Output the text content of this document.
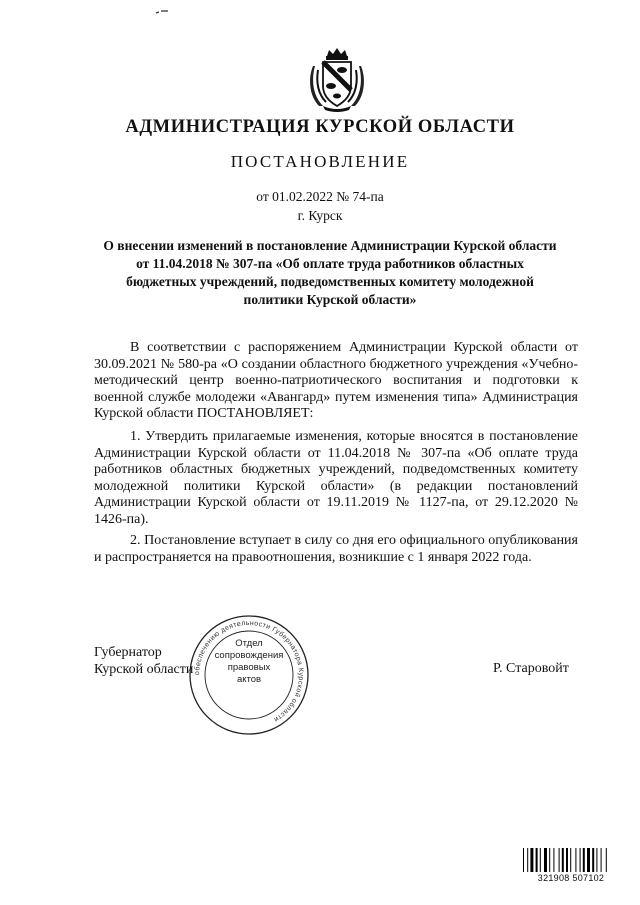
АДМИНИСТРАЦИЯ КУРСКОЙ ОБЛАСТИ
ПОСТАНОВЛЕНИЕ
от 01.02.2022 № 74-па
г. Курск
О внесении изменений в постановление Администрации Курской области от 11.04.2018 № 307-па «Об оплате труда работников областных бюджетных учреждений, подведомственных комитету молодежной политики Курской области»

В соответствии с распоряжением Администрации Курской области от 30.09.2021 № 580-ра «О создании областного бюджетного учреждения «Учебно-методический центр военно-патриотического воспитания и подготовки к военной службе молодежи «Авангард» путем изменения типа» Администрация Курской области ПОСТАНОВЛЯЕТ:

1. Утвердить прилагаемые изменения, которые вносятся в постановление Администрации Курской области от 11.04.2018 № 307-па «Об оплате труда работников областных бюджетных учреждений, подведомственных комитету молодежной политики Курской области» (в редакции постановлений Администрации Курской области от 19.11.2019 № 1127-па, от 29.12.2020 № 1426-па).

2. Постановление вступает в силу со дня его официального опубликования и распространяется на правоотношения, возникшие с 1 января 2022 года.

Губернатор
Курской области	Р. Старовойт
обеспечению деятельности Губернатора Курской области
Отдел
сопровождения
правовых
актов
321908 507102
